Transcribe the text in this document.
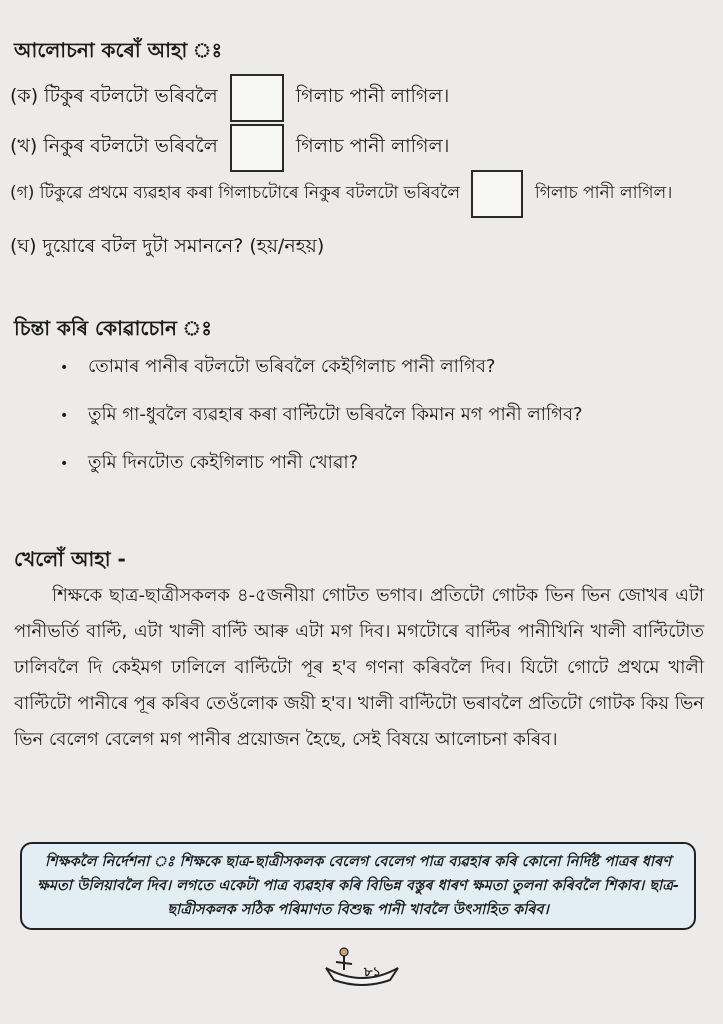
আলোচনা কৰোঁ আহা ঃ
(ক) টিকুৰ বটলটো ভৰিবলৈ	গিলাচ পানী লাগিল।
(খ) নিকুৰ বটলটো ভৰিবলৈ	গিলাচ পানী লাগিল।
(গ) টিকুৱে প্ৰথমে ব্যৱহাৰ কৰা গিলাচটোৰে নিকুৰ বটলটো ভৰিবলৈ	গিলাচ পানী লাগিল।
(ঘ) দুয়োৰে বটল দুটা সমাননে? (হয়/নহয়)
চিন্তা কৰি কোৱাচোন ঃ
• তোমাৰ পানীৰ বটলটো ভৰিবলৈ কেইগিলাচ পানী লাগিব?
• তুমি গা-ধুবলৈ ব্যৱহাৰ কৰা বাল্টিটো ভৰিবলৈ কিমান মগ পানী লাগিব?
• তুমি দিনটোত কেইগিলাচ পানী খোৱা?
খেলোঁ আহা -
শিক্ষকে ছাত্ৰ-ছাত্ৰীসকলক ৪-৫জনীয়া গোটত ভগাব। প্ৰতিটো গোটক ভিন ভিন জোখৰ এটা পানীভৰ্তি বাল্টি, এটা খালী বাল্টি আৰু এটা মগ দিব। মগটোৰে বাল্টিৰ পানীখিনি খালী বাল্টিটোত ঢালিবলৈ দি কেইমগ ঢালিলে বাল্টিটো পূৰ হ'ব গণনা কৰিবলৈ দিব। যিটো গোটে প্ৰথমে খালী বাল্টিটো পানীৰে পূৰ কৰিব তেওঁলোক জয়ী হ'ব। খালী বাল্টিটো ভৰাবলৈ প্ৰতিটো গোটক কিয় ভিন ভিন বেলেগ বেলেগ মগ পানীৰ প্ৰয়োজন হৈছে, সেই বিষয়ে আলোচনা কৰিব।
শিক্ষকলৈ নিৰ্দেশনা ঃ শিক্ষকে ছাত্ৰ-ছাত্ৰীসকলক বেলেগ বেলেগ পাত্ৰ ব্যৱহাৰ কৰি কোনো নিৰ্দিষ্ট পাত্ৰৰ ধাৰণ ক্ষমতা উলিয়াবলৈ দিব। লগতে একেটা পাত্ৰ ব্যৱহাৰ কৰি বিভিন্ন বস্তুৰ ধাৰণ ক্ষমতা তুলনা কৰিবলৈ শিকাব। ছাত্ৰ-ছাত্ৰীসকলক সঠিক পৰিমাণত বিশুদ্ধ পানী খাবলৈ উৎসাহিত কৰিব।
৮১
